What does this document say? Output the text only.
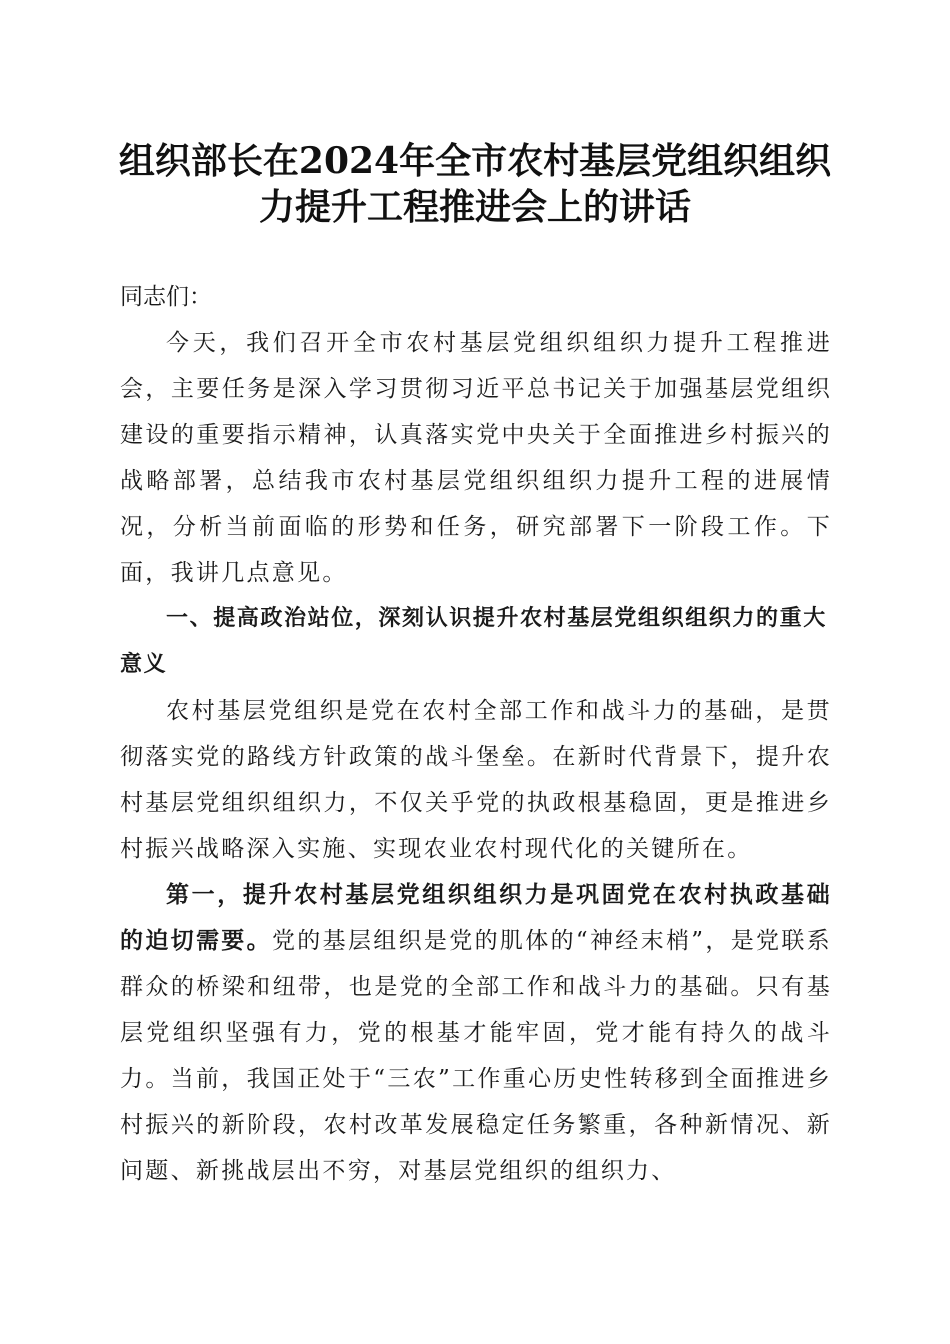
组织部长在2024年全市农村基层党组织组织
力提升工程推进会上的讲话

同志们：

今天，我们召开全市农村基层党组织组织力提升工程推进会，主要任务是深入学习贯彻习近平总书记关于加强基层党组织建设的重要指示精神，认真落实党中央关于全面推进乡村振兴的战略部署，总结我市农村基层党组织组织力提升工程的进展情况，分析当前面临的形势和任务，研究部署下一阶段工作。下面，我讲几点意见。

一、提高政治站位，深刻认识提升农村基层党组织组织力的重大意义

农村基层党组织是党在农村全部工作和战斗力的基础，是贯彻落实党的路线方针政策的战斗堡垒。在新时代背景下，提升农村基层党组织组织力，不仅关乎党的执政根基稳固，更是推进乡村振兴战略深入实施、实现农业农村现代化的关键所在。

第一，提升农村基层党组织组织力是巩固党在农村执政基础的迫切需要。党的基层组织是党的肌体的“神经末梢”，是党联系群众的桥梁和纽带，也是党的全部工作和战斗力的基础。只有基层党组织坚强有力，党的根基才能牢固，党才能有持久的战斗力。当前，我国正处于“三农”工作重心历史性转移到全面推进乡村振兴的新阶段，农村改革发展稳定任务繁重，各种新情况、新问题、新挑战层出不穷，对基层党组织的组织力、
